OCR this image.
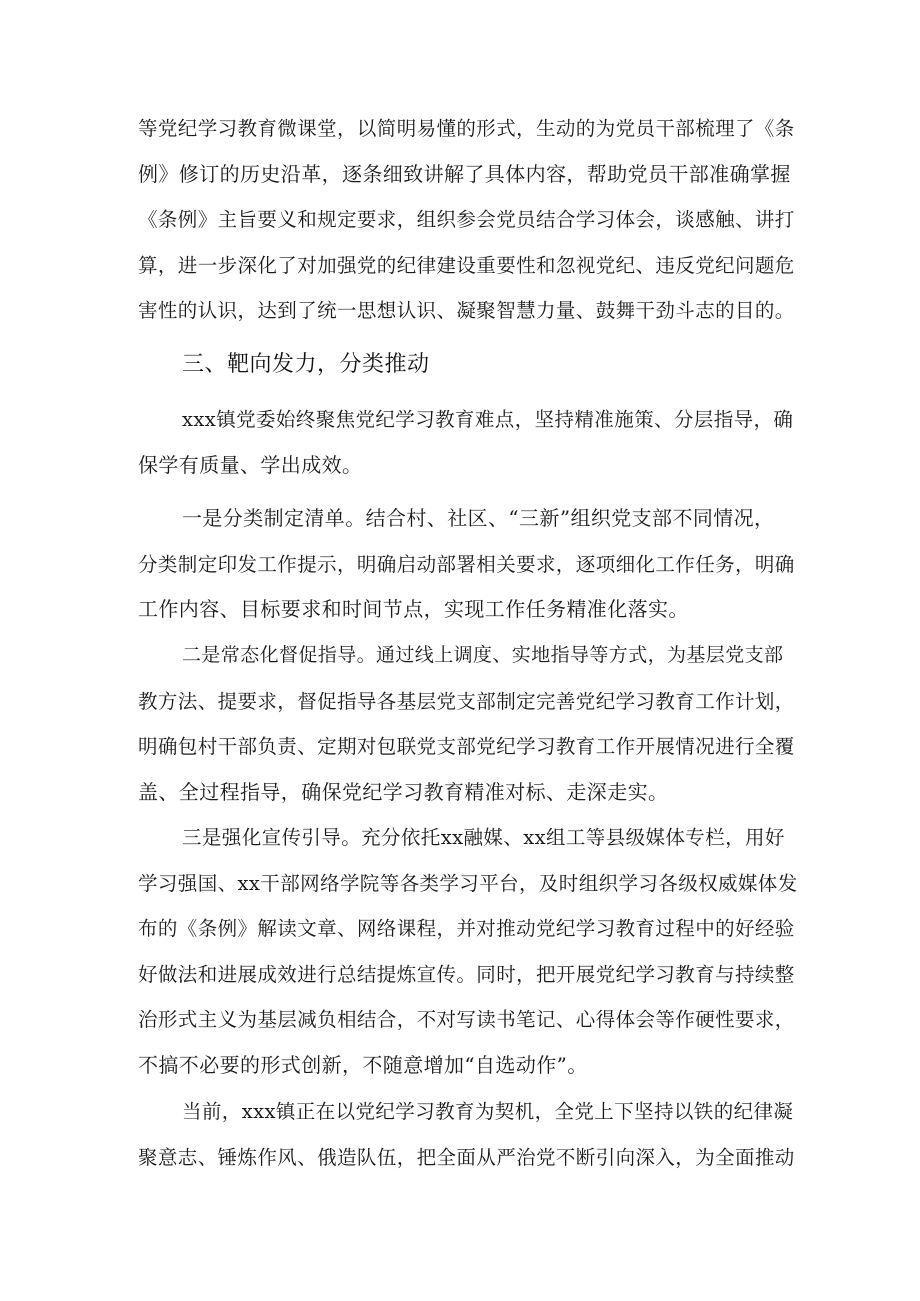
等党纪学习教育微课堂，以简明易懂的形式，生动的为党员干部梳理了《条
例》修订的历史沿革，逐条细致讲解了具体内容，帮助党员干部准确掌握
《条例》主旨要义和规定要求，组织参会党员结合学习体会，谈感触、讲打
算，进一步深化了对加强党的纪律建设重要性和忽视党纪、违反党纪问题危
害性的认识，达到了统一思想认识、凝聚智慧力量、鼓舞干劲斗志的目的。
三、靶向发力，分类推动
xxx镇党委始终聚焦党纪学习教育难点，坚持精准施策、分层指导，确
保学有质量、学出成效。
一是分类制定清单。结合村、社区、“三新”组织党支部不同情况，
分类制定印发工作提示，明确启动部署相关要求，逐项细化工作任务，明确
工作内容、目标要求和时间节点，实现工作任务精准化落实。
二是常态化督促指导。通过线上调度、实地指导等方式，为基层党支部
教方法、提要求，督促指导各基层党支部制定完善党纪学习教育工作计划，
明确包村干部负责、定期对包联党支部党纪学习教育工作开展情况进行全覆
盖、全过程指导，确保党纪学习教育精准对标、走深走实。
三是强化宣传引导。充分依托xx融媒、xx组工等县级媒体专栏，用好
学习强国、xx干部网络学院等各类学习平台，及时组织学习各级权威媒体发
布的《条例》解读文章、网络课程，并对推动党纪学习教育过程中的好经验
好做法和进展成效进行总结提炼宣传。同时，把开展党纪学习教育与持续整
治形式主义为基层减负相结合，不对写读书笔记、心得体会等作硬性要求，
不搞不必要的形式创新，不随意增加“自选动作”。
当前，xxx镇正在以党纪学习教育为契机，全党上下坚持以铁的纪律凝
聚意志、锤炼作风、俄造队伍，把全面从严治党不断引向深入，为全面推动
